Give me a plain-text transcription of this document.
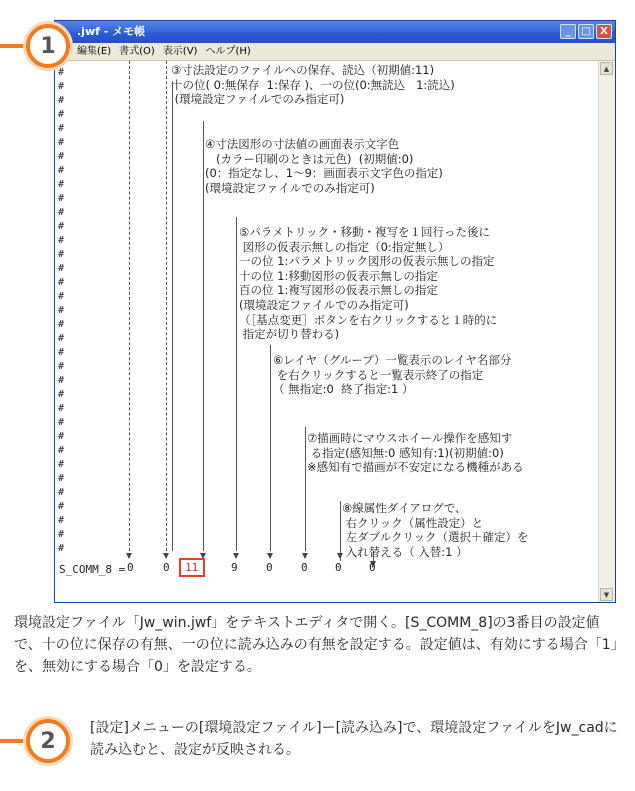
1
.jwf - メモ帳	_	□ X
編集(E) 書式(O) 表示(V) ヘルプ(H)
#
#
#
#
#
#
#
#
#
#
#
#
#
#
#
#
#
#
#
#
#
#
#
#
#
#
#
#
#
#
#
#
#
#
#
③寸法設定のファイルへの保存、読込（初期値:11)
十の位( 0:無保存  1:保存 )、一の位(0:無読込   1:読込)
(環境設定ファイルでのみ指定可)
④寸法図形の寸法値の画面表示文字色
(カラー印刷のときは元色)  (初期値:0)
(0：指定なし、1～9：画面表示文字色の指定)
(環境設定ファイルでのみ指定可)
⑤パラメトリック・移動・複写を１回行った後に
図形の仮表示無しの指定（0:指定無し）
一の位 1:パラメトリック図形の仮表示無しの指定
十の位 1:移動図形の仮表示無しの指定
百の位 1:複写図形の仮表示無しの指定
(環境設定ファイルでのみ指定可)
（［基点変更］ボタンを右クリックすると１時的に
指定が切り替わる)
⑥レイヤ（グループ）一覧表示のレイヤ名部分
を右クリックすると一覧表示終了の指定
（ 無指定:0  終了指定:1 ）
⑦描画時にマウスホイール操作を感知す
る指定(感知無:0 感知有:1)(初期値:0)
※感知有で描画が不安定になる機種がある
⑧線属性ダイアログで、
右クリック（属性設定）と
左ダブルクリック（選択＋確定）を
入れ替える（ 入替:1 ）
▲
▼
S_COMM_8 = 0	0 11	9	0	0 0 0
環境設定ファイル「Jw_win.jwf」をテキストエディタで開く。[S_COMM_8]の3番目の設定値で、十の位に保存の有無、一の位に読み込みの有無を設定する。設定値は、有効にする場合「1」を、無効にする場合「0」を設定する。
2
[設定]メニューの[環境設定ファイル]ー[読み込み]で、環境設定ファイルをJw_cadに読み込むと、設定が反映される。
